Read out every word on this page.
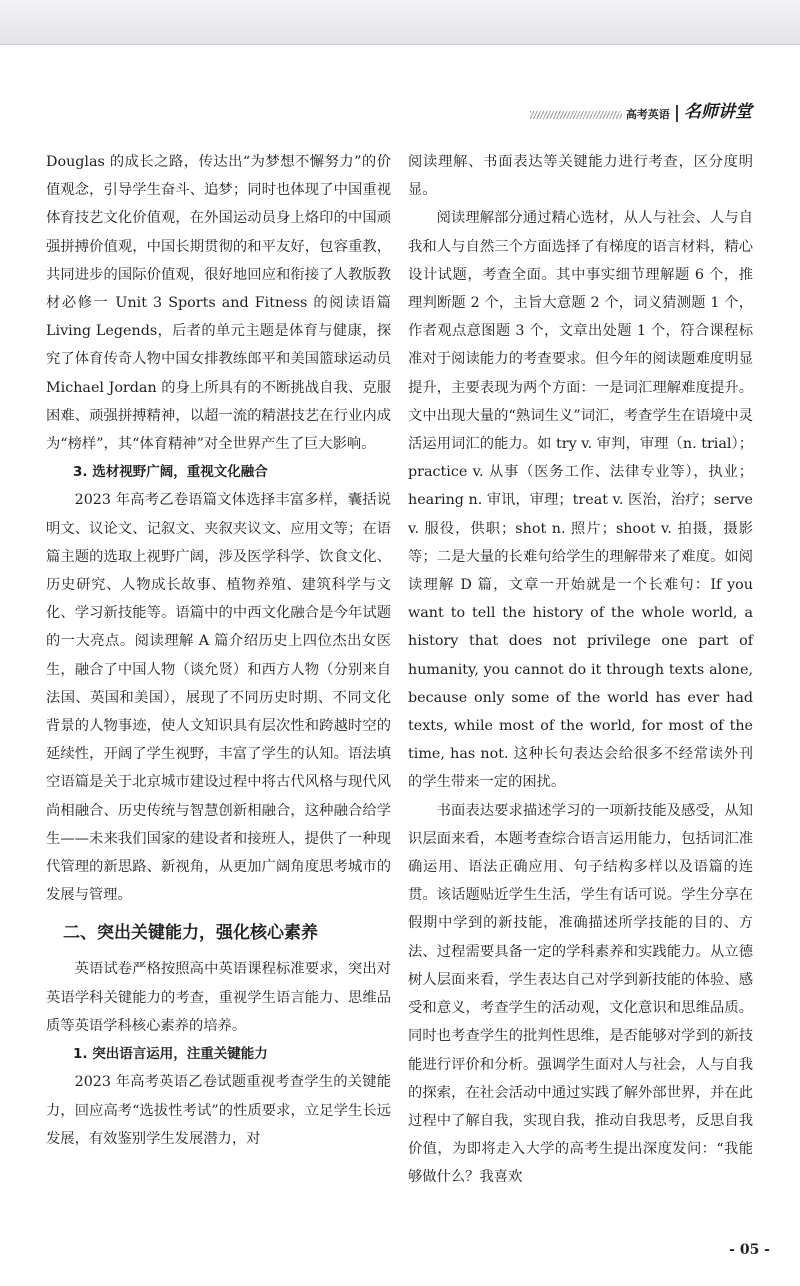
高考英语 | 名师讲堂

Douglas 的成长之路，传达出“为梦想不懈努力”的价值观念，引导学生奋斗、追梦；同时也体现了中国重视体育技艺文化价值观，在外国运动员身上烙印的中国顽强拼搏价值观，中国长期贯彻的和平友好，包容重教，共同进步的国际价值观，很好地回应和衔接了人教版教材必修一 Unit 3 Sports and Fitness 的阅读语篇 Living Legends，后者的单元主题是体育与健康，探究了体育传奇人物中国女排教练郎平和美国篮球运动员 Michael Jordan 的身上所具有的不断挑战自我、克服困难、顽强拼搏精神，以超一流的精湛技艺在行业内成为“榜样”，其“体育精神”对全世界产生了巨大影响。

3. 选材视野广阔，重视文化融合

2023 年高考乙卷语篇文体选择丰富多样，囊括说明文、议论文、记叙文、夹叙夹议文、应用文等；在语篇主题的选取上视野广阔，涉及医学科学、饮食文化、历史研究、人物成长故事、植物养殖、建筑科学与文化、学习新技能等。语篇中的中西文化融合是今年试题的一大亮点。阅读理解 A 篇介绍历史上四位杰出女医生，融合了中国人物（谈允贤）和西方人物（分别来自法国、英国和美国），展现了不同历史时期、不同文化背景的人物事迹，使人文知识具有层次性和跨越时空的延续性，开阔了学生视野，丰富了学生的认知。语法填空语篇是关于北京城市建设过程中将古代风格与现代风尚相融合、历史传统与智慧创新相融合，这种融合给学生——未来我们国家的建设者和接班人，提供了一种现代管理的新思路、新视角，从更加广阔角度思考城市的发展与管理。

二、突出关键能力，强化核心素养

英语试卷严格按照高中英语课程标准要求，突出对英语学科关键能力的考查，重视学生语言能力、思维品质等英语学科核心素养的培养。

1. 突出语言运用，注重关键能力

2023 年高考英语乙卷试题重视考查学生的关键能力，回应高考“选拔性考试”的性质要求，立足学生长远发展，有效鉴别学生发展潜力，对

阅读理解、书面表达等关键能力进行考查，区分度明显。

阅读理解部分通过精心选材，从人与社会、人与自我和人与自然三个方面选择了有梯度的语言材料，精心设计试题，考查全面。其中事实细节理解题 6 个，推理判断题 2 个，主旨大意题 2 个，词义猜测题 1 个，作者观点意图题 3 个，文章出处题 1 个，符合课程标准对于阅读能力的考查要求。但今年的阅读题难度明显提升，主要表现为两个方面：一是词汇理解难度提升。文中出现大量的“熟词生义”词汇，考查学生在语境中灵活运用词汇的能力。如 try v. 审判，审理（n. trial）；practice v. 从事（医务工作、法律专业等），执业；hearing n. 审讯，审理；treat v. 医治，治疗；serve v. 服役，供职；shot n. 照片；shoot v. 拍摄，摄影等；二是大量的长难句给学生的理解带来了难度。如阅读理解 D 篇，文章一开始就是一个长难句：If you want to tell the history of the whole world, a history that does not privilege one part of humanity, you cannot do it through texts alone, because only some of the world has ever had texts, while most of the world, for most of the time, has not. 这种长句表达会给很多不经常读外刊的学生带来一定的困扰。

书面表达要求描述学习的一项新技能及感受，从知识层面来看，本题考查综合语言运用能力，包括词汇准确运用、语法正确应用、句子结构多样以及语篇的连贯。该话题贴近学生生活，学生有话可说。学生分享在假期中学到的新技能，准确描述所学技能的目的、方法、过程需要具备一定的学科素养和实践能力。从立德树人层面来看，学生表达自己对学到新技能的体验、感受和意义，考查学生的活动观，文化意识和思维品质。同时也考查学生的批判性思维，是否能够对学到的新技能进行评价和分析。强调学生面对人与社会，人与自我的探索，在社会活动中通过实践了解外部世界，并在此过程中了解自我，实现自我，推动自我思考，反思自我价值，为即将走入大学的高考生提出深度发问：“我能够做什么？我喜欢

- 05 -
